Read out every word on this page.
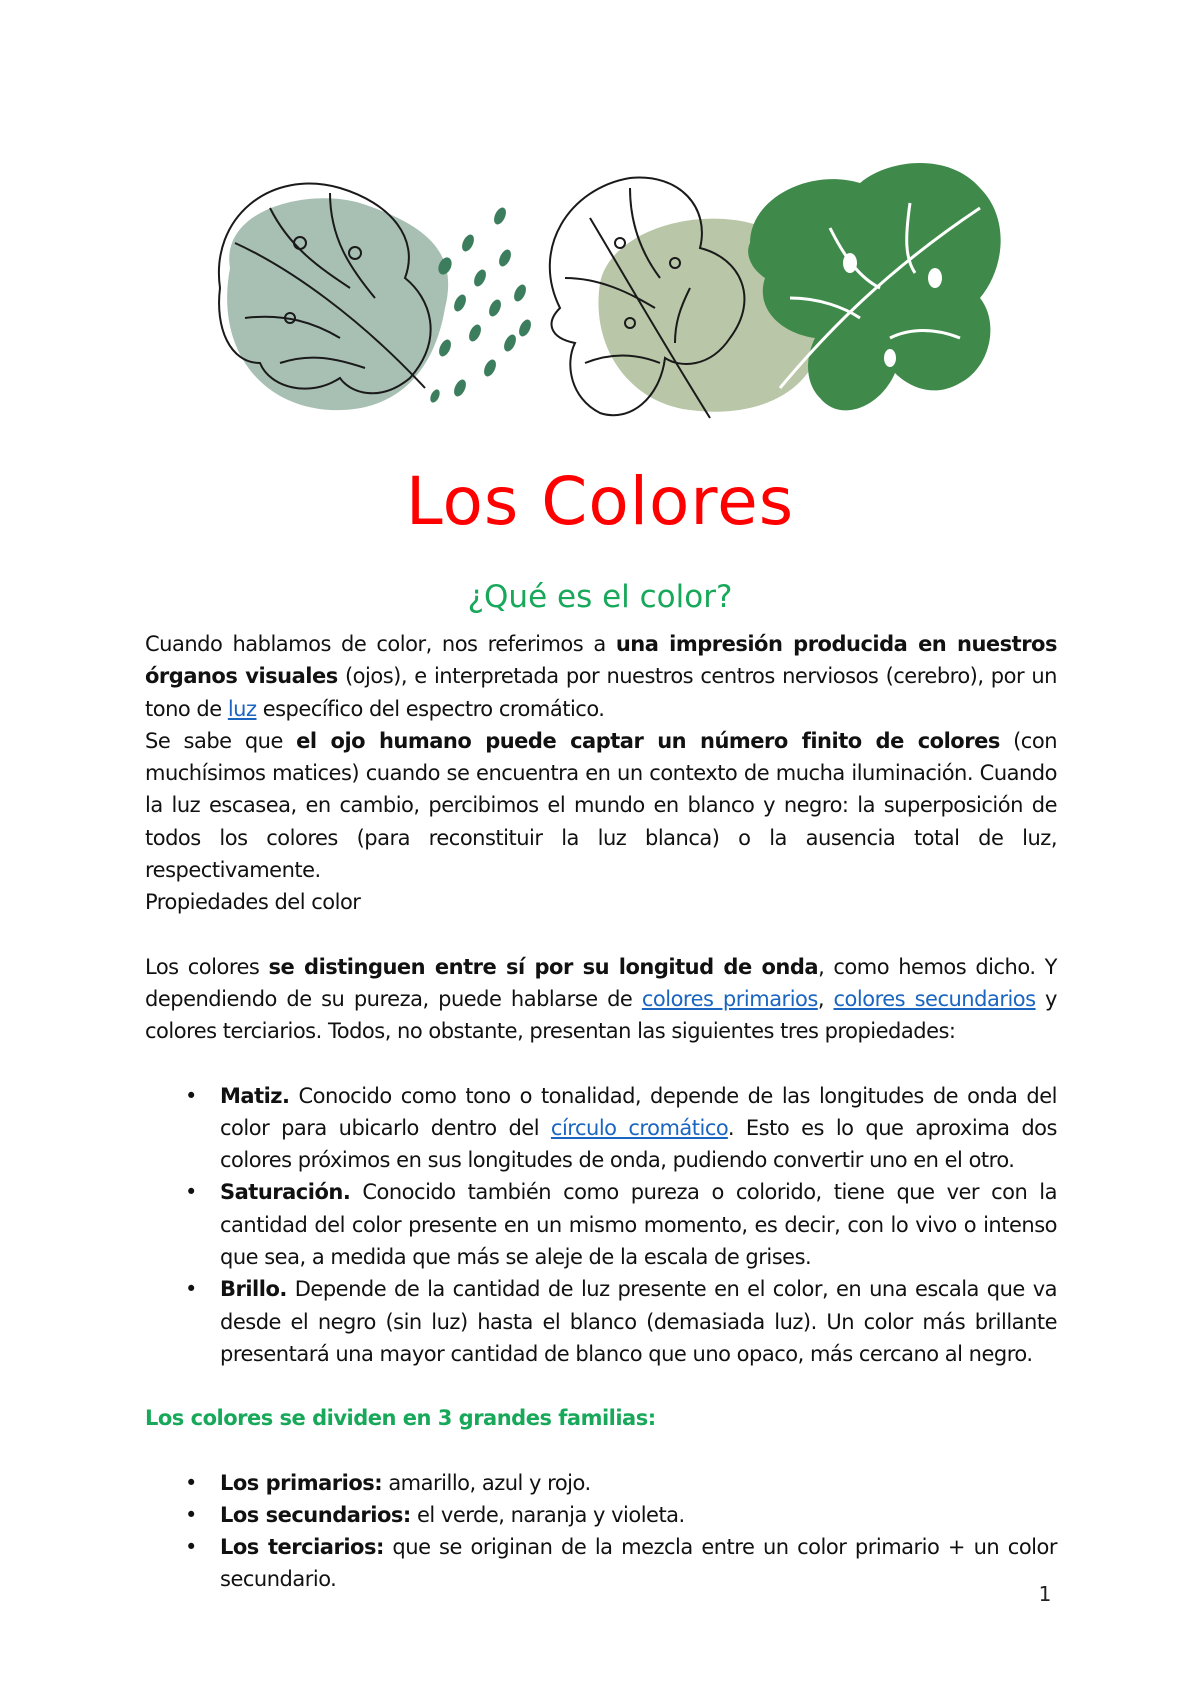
Los Colores
¿Qué es el color?

Cuando hablamos de color, nos referimos a una impresión producida en nuestros órganos visuales (ojos), e interpretada por nuestros centros nerviosos (cerebro), por un tono de luz específico del espectro cromático.

Se sabe que el ojo humano puede captar un número finito de colores (con muchísimos matices) cuando se encuentra en un contexto de mucha iluminación. Cuando la luz escasea, en cambio, percibimos el mundo en blanco y negro: la superposición de todos los colores (para reconstituir la luz blanca) o la ausencia total de luz, respectivamente.

Propiedades del color

Los colores se distinguen entre sí por su longitud de onda, como hemos dicho. Y dependiendo de su pureza, puede hablarse de colores primarios, colores secundarios y colores terciarios. Todos, no obstante, presentan las siguientes tres propiedades:

• Matiz. Conocido como tono o tonalidad, depende de las longitudes de onda del color para ubicarlo dentro del círculo cromático. Esto es lo que aproxima dos colores próximos en sus longitudes de onda, pudiendo convertir uno en el otro.
• Saturación. Conocido también como pureza o colorido, tiene que ver con la cantidad del color presente en un mismo momento, es decir, con lo vivo o intenso que sea, a medida que más se aleje de la escala de grises.
• Brillo. Depende de la cantidad de luz presente en el color, en una escala que va desde el negro (sin luz) hasta el blanco (demasiada luz). Un color más brillante presentará una mayor cantidad de blanco que uno opaco, más cercano al negro.

Los colores se dividen en 3 grandes familias:

• Los primarios: amarillo, azul y rojo.
• Los secundarios: el verde, naranja y violeta.
• Los terciarios: que se originan de la mezcla entre un color primario + un color secundario.
1
